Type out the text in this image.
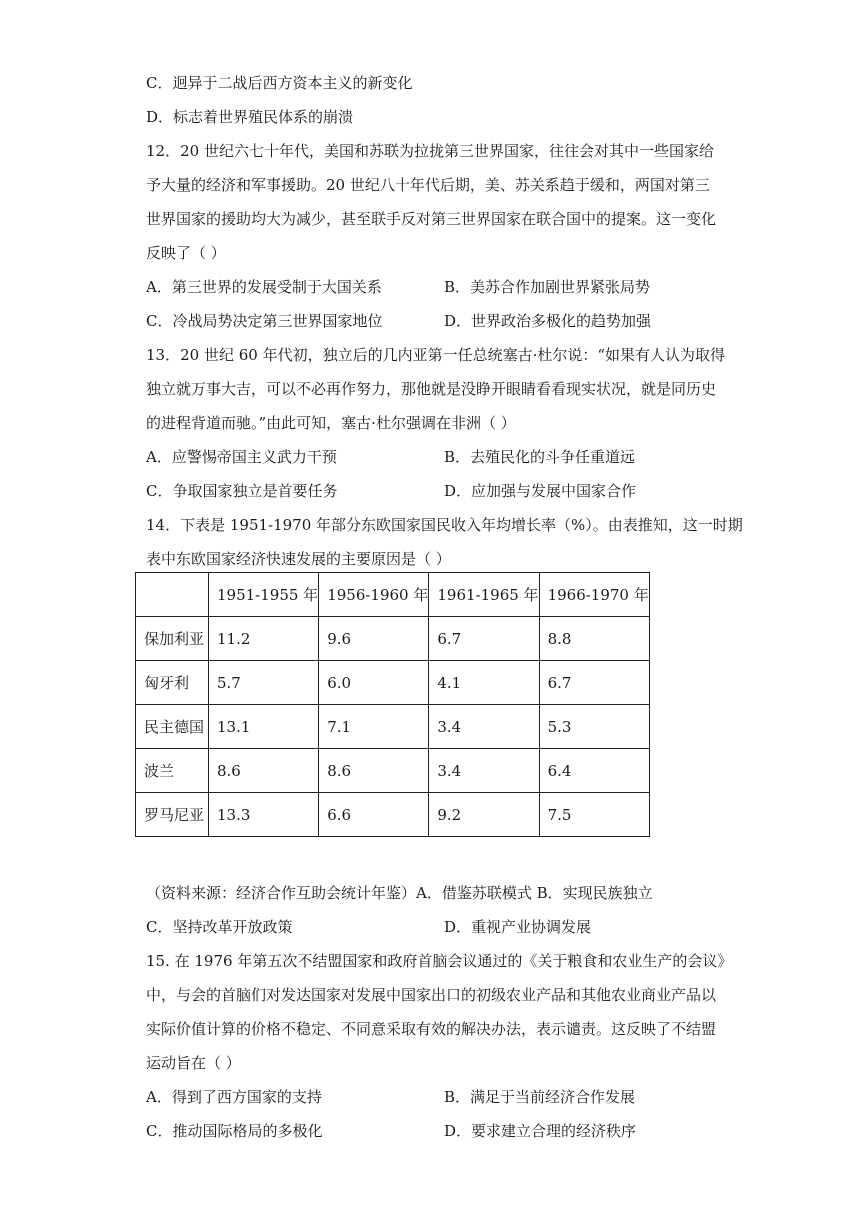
C．迥异于二战后西方资本主义的新变化
D．标志着世界殖民体系的崩溃
12．20 世纪六七十年代，美国和苏联为拉拢第三世界国家，往往会对其中一些国家给
予大量的经济和军事援助。20 世纪八十年代后期，美、苏关系趋于缓和，两国对第三
世界国家的援助均大为减少，甚至联手反对第三世界国家在联合国中的提案。这一变化
反映了（ ）
A．第三世界的发展受制于大国关系	B．美苏合作加剧世界紧张局势
C．冷战局势决定第三世界国家地位	D．世界政治多极化的趋势加强
13．20 世纪 60 年代初，独立后的几内亚第一任总统塞古·杜尔说：“如果有人认为取得
独立就万事大吉，可以不必再作努力，那他就是没睁开眼睛看看现实状况，就是同历史
的进程背道而驰。”由此可知，塞古·杜尔强调在非洲（ ）
A．应警惕帝国主义武力干预	B．去殖民化的斗争任重道远
C．争取国家独立是首要任务	D．应加强与发展中国家合作
14．下表是 1951-1970 年部分东欧国家国民收入年均增长率（%）。由表推知，这一时期
表中东欧国家经济快速发展的主要原因是（ ）
	1951-1955 年	1956-1960 年	1961-1965 年	1966-1970 年
保加利亚	11.2	9.6	6.7	8.8
匈牙利	5.7	6.0	4.1	6.7
民主德国	13.1	7.1	3.4	5.3
波兰	8.6	8.6	3.4	6.4
罗马尼亚	13.3	6.6	9.2	7.5
（资料来源：经济合作互助会统计年鉴）A．借鉴苏联模式 B．实现民族独立
C．坚持改革开放政策	D．重视产业协调发展
15. 在 1976 年第五次不结盟国家和政府首脑会议通过的《关于粮食和农业生产的会议》
中，与会的首脑们对发达国家对发展中国家出口的初级农业产品和其他农业商业产品以
实际价值计算的价格不稳定、不同意采取有效的解决办法，表示谴责。这反映了不结盟
运动旨在（ ）
A．得到了西方国家的支持	B．满足于当前经济合作发展
C．推动国际格局的多极化	D．要求建立合理的经济秩序
